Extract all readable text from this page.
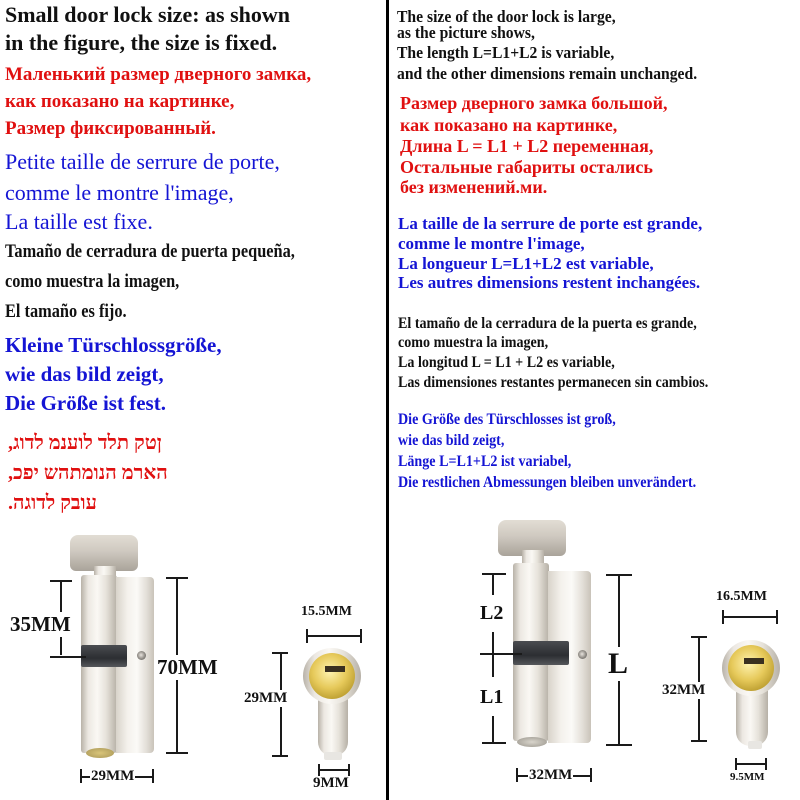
Small door lock size: as shown
in the figure, the size is fixed.
Маленький размер дверного замка,
как показано на картинке,
Размер фиксированный.
Petite taille de serrure de porte,
comme le montre l'image,
La taille est fixe.
Tamaño de cerradura de puerta pequeña,
como muestra la imagen,
El tamaño es fijo.
Kleine Türschlossgröße,
wie das bild zeigt,
Die Größe ist fest.
ןטק תלד לוענמ לדוג,
הארמ הנומתהש יפכ,
עובק לדוגה.
35MM
70MM
29MM
15.5MM
29MM
9MM
The size of the door lock is large,
as the picture shows,
The length L=L1+L2 is variable,
and the other dimensions remain unchanged.
Размер дверного замка большой,
как показано на картинке,
Длина L = L1 + L2 переменная,
Остальные габариты остались
без изменений.ми.
La taille de la serrure de porte est grande,
comme le montre l'image,
La longueur L=L1+L2 est variable,
Les autres dimensions restent inchangées.
El tamaño de la cerradura de la puerta es grande,
como muestra la imagen,
La longitud L = L1 + L2 es variable,
Las dimensiones restantes permanecen sin cambios.
Die Größe des Türschlosses ist groß,
wie das bild zeigt,
Länge L=L1+L2 ist variabel,
Die restlichen Abmessungen bleiben unverändert.
L2
L1
L
32MM
16.5MM
32MM
9.5MM
